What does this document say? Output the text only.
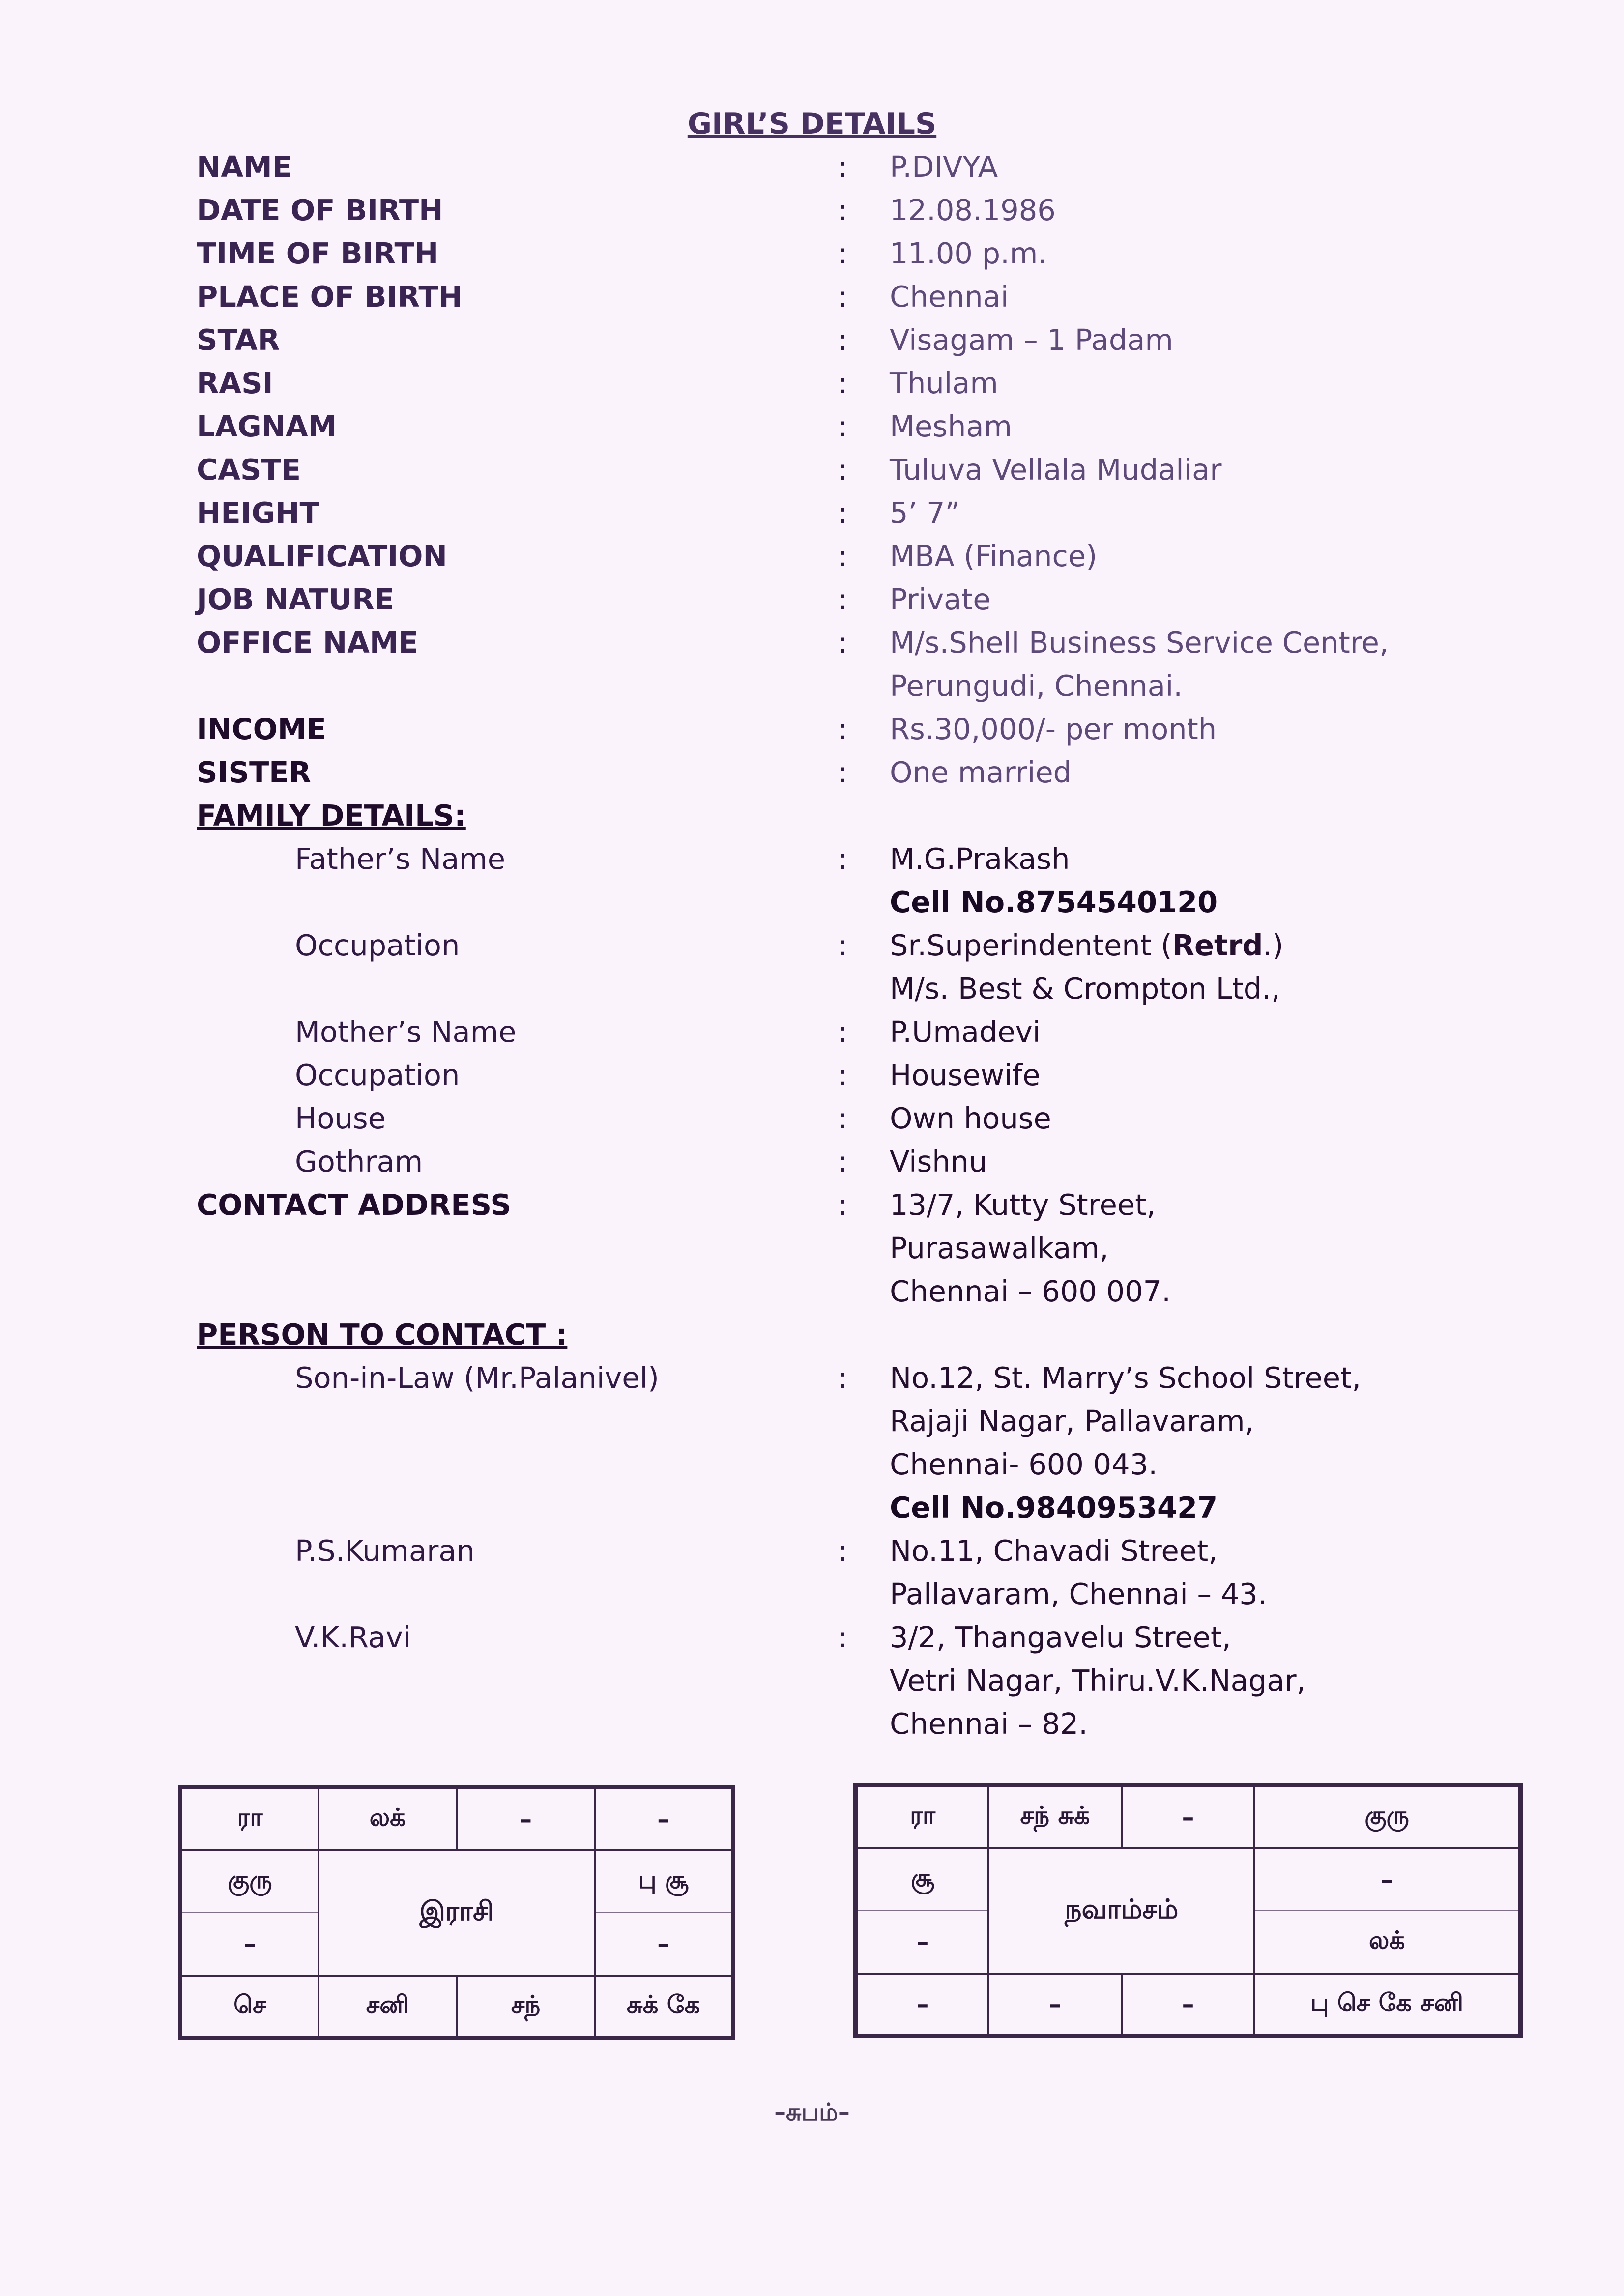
GIRL’S DETAILS
NAME	: P.DIVYA
DATE OF BIRTH	: 12.08.1986
TIME OF BIRTH	: 11.00 p.m.
PLACE OF BIRTH	: Chennai
STAR	: Visagam – 1 Padam
RASI	: Thulam
LAGNAM	: Mesham
CASTE	: Tuluva Vellala Mudaliar
HEIGHT	: 5’ 7”
QUALIFICATION	: MBA (Finance)
JOB NATURE	: Private
OFFICE NAME	: M/s.Shell Business Service Centre,
Perungudi, Chennai.
INCOME	: Rs.30,000/- per month
SISTER	: One married
FAMILY DETAILS:
Father’s Name	: M.G.Prakash
Cell No.8754540120
Occupation	: Sr.Superindentent (Retrd.)
M/s. Best & Crompton Ltd.,
Mother’s Name	: P.Umadevi
Occupation	: Housewife
House	: Own house
Gothram	: Vishnu
CONTACT ADDRESS	: 13/7, Kutty Street,
Purasawalkam,
Chennai – 600 007.
PERSON TO CONTACT :
Son-in-Law (Mr.Palanivel)	: No.12, St. Marry’s School Street,
Rajaji Nagar, Pallavaram,
Chennai- 600 043.
Cell No.9840953427
P.S.Kumaran	: No.11, Chavadi Street,
Pallavaram, Chennai – 43.
V.K.Ravi	: 3/2, Thangavelu Street,
Vetri Nagar, Thiru.V.K.Nagar,
Chennai – 82.
ரா	லக்	–	–
குரு	இராசி		பு சூ
–			–
செ	சனி	சந்	சுக் கே
ரா	சந் சுக்	–	குரு
சூ	நவாம்சம்		–
–			லக்
–	–	–	பு செ கே சனி
–சுபம்–
